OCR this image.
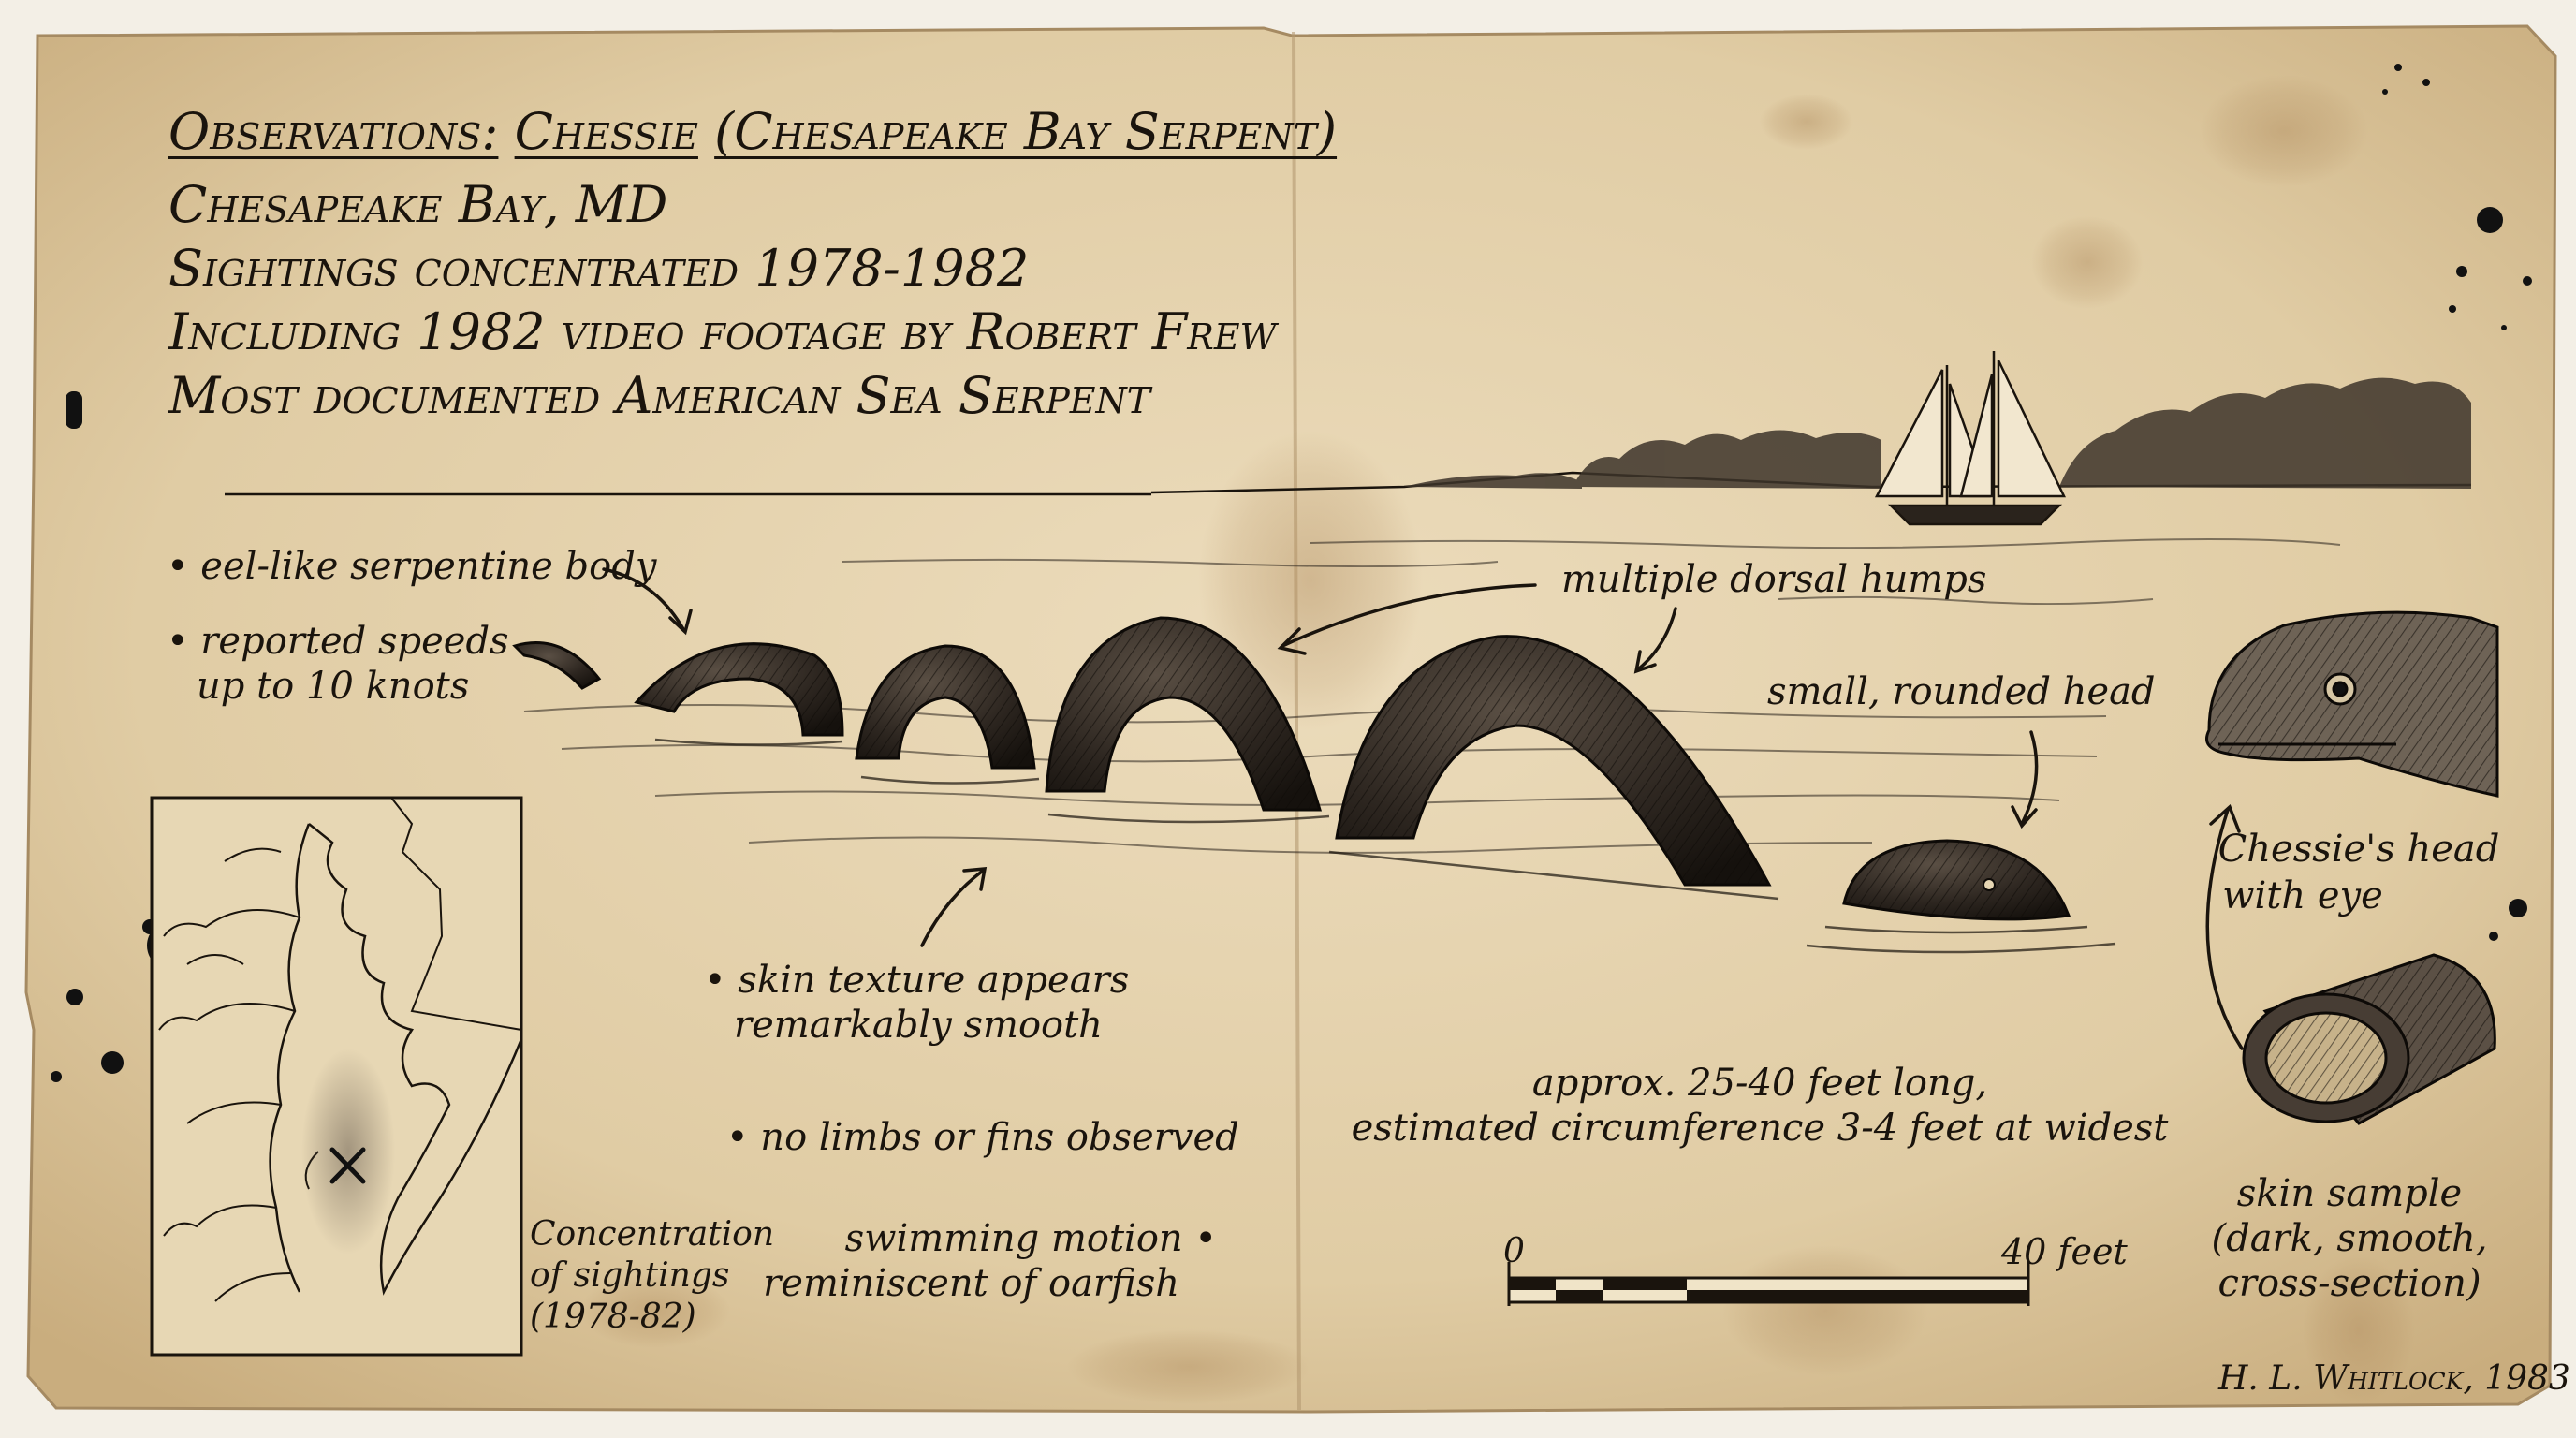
Observations: Chessie (Chesapeake Bay Serpent)
Chesapeake Bay, MD
Sightings concentrated 1978-1982
Including 1982 video footage by Robert Frew
Most documented American Sea Serpent
• eel-like serpentine body
• reported speeds
up to 10 knots
multiple dorsal humps
small, rounded head
• skin texture appears
remarkably smooth
• no limbs or fins observed
swimming motion •
reminiscent of oarfish
approx. 25-40 feet long,
estimated circumference 3-4 feet at widest
Concentration
of sightings
(1978-82)
Chessie's head
with eye
skin sample
(dark, smooth,
cross-section)
0	40 feet
H. L. Whitlock, 1983
